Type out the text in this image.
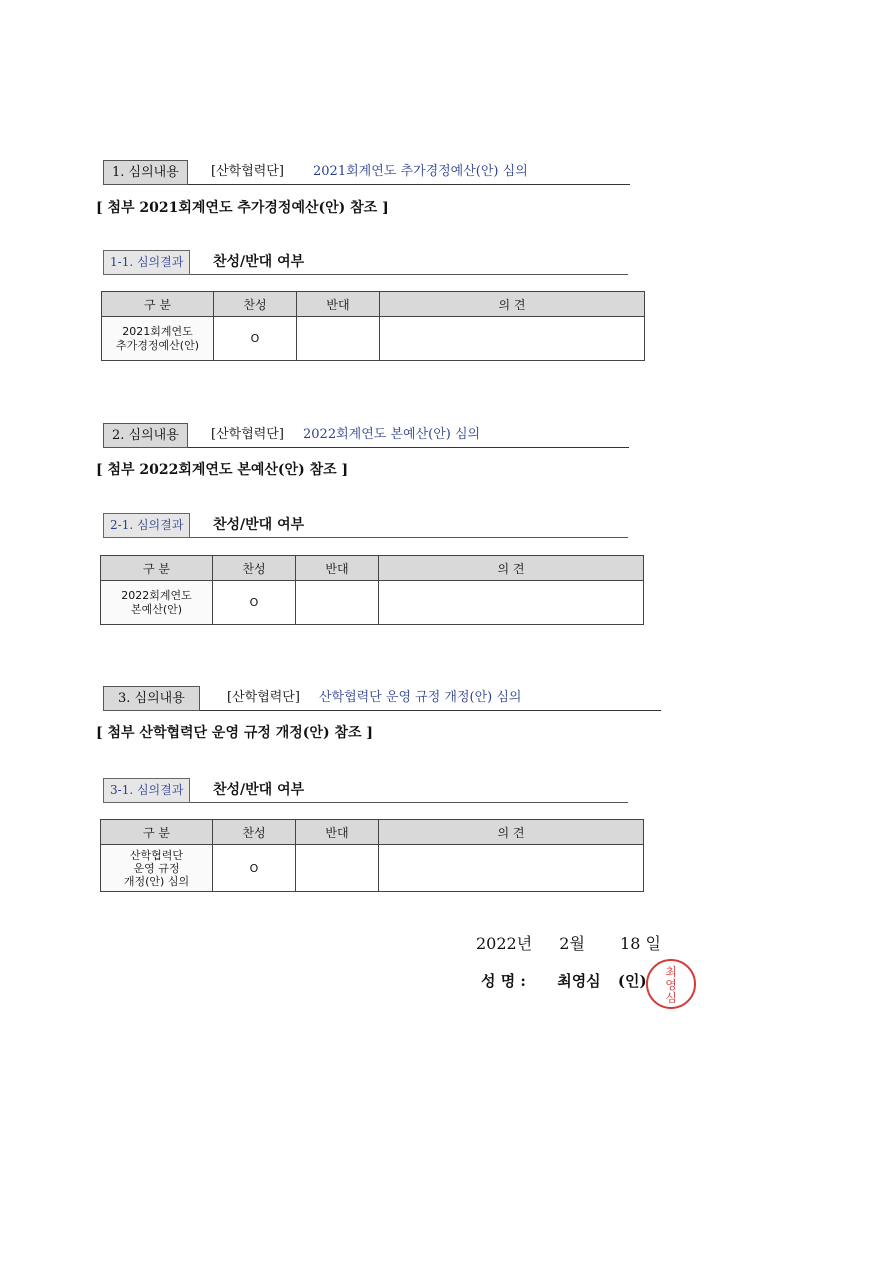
1. 심의내용	[산학협력단] 2021회계연도 추가경정예산(안) 심의
[ 첨부 2021회계연도 추가경정예산(안) 참조 ]
1-1. 심의결과	찬성/반대 여부
구 분	찬성	반대	의 견
2021회계연도
추가경정예산(안)	O		
2. 심의내용	[산학협력단] 2022회계연도 본예산(안) 심의
[ 첨부 2022회계연도 본예산(안) 참조 ]
2-1. 심의결과	찬성/반대 여부
구 분	찬성	반대	의 견
2022회계연도
본예산(안)	O		
3. 심의내용	[산학협력단] 산학협력단 운영 규정 개정(안) 심의
[ 첨부 산학협력단 운영 규정 개정(안) 참조 ]
3-1. 심의결과	찬성/반대 여부
구 분	찬성	반대	의 견
산학협력단
운영 규정
개정(안) 심의	O		
2022년 2월 18 일
성 명 : 최영심 (인)	최영심
